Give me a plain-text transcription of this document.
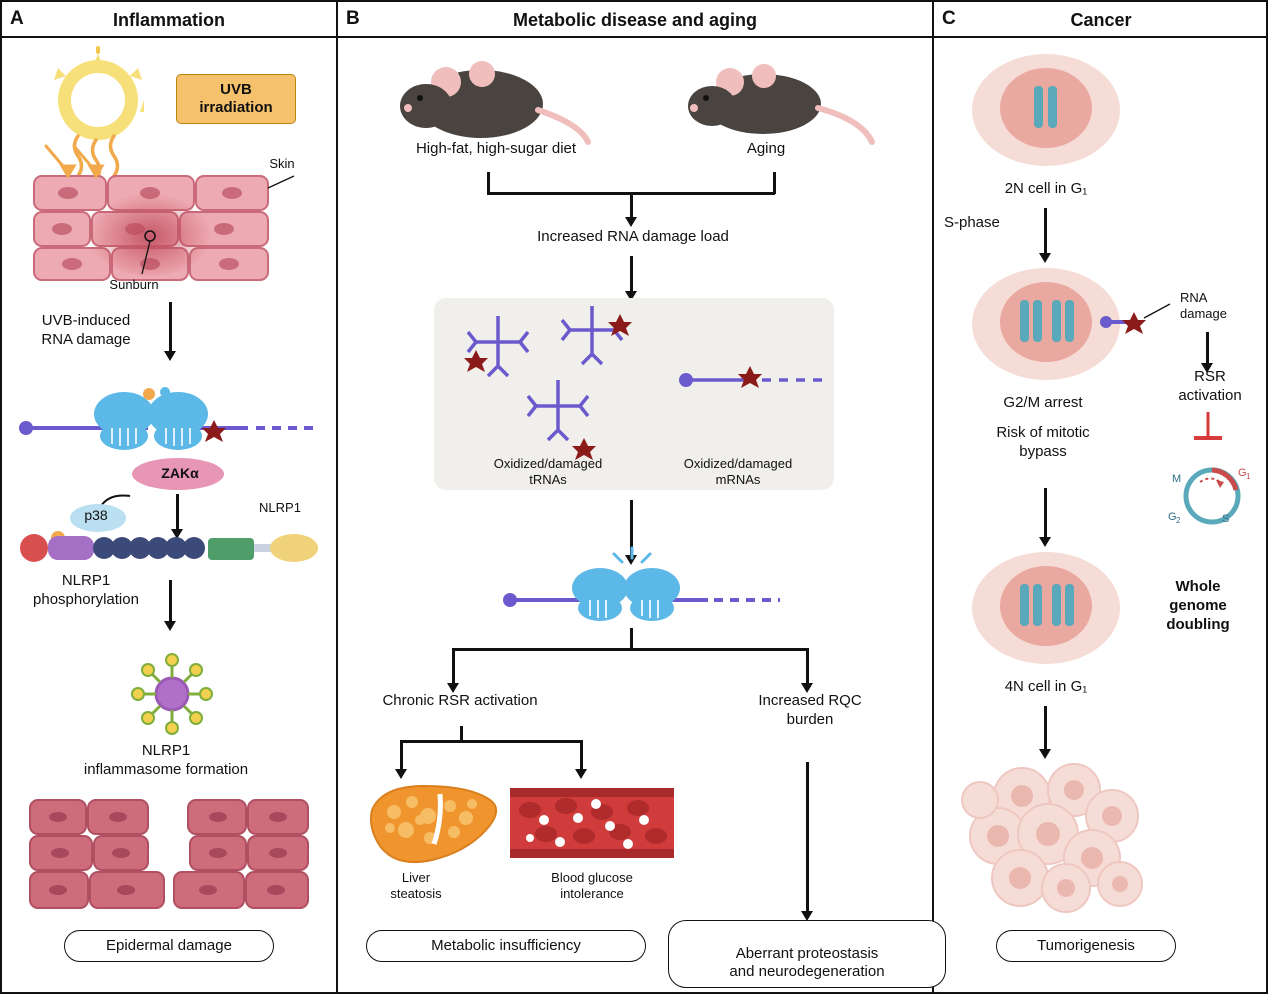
A	Inflammation
UVB
irradiation
Skin
Sunburn
UVB-induced
RNA damage
ZAKα
p38	NLRP1
NLRP1
phosphorylation
NLRP1
inflammasome formation
Epidermal damage
B	Metabolic disease and aging
High-fat, high-sugar diet	Aging
Increased RNA damage load
Oxidized/damaged
tRNAs
Oxidized/damaged
mRNAs
Chronic RSR activation	Increased RQC
burden
Liver
steatosis
Blood glucose
intolerance
Metabolic insufficiency	Aberrant proteostasis
and neurodegeneration

C	Cancer
2N cell in G₁
S-phase
RNA
damage
RSR
activation
G 1
M
G 2	S
G2/M arrest
Risk of mitotic
bypass
Whole
genome
doubling
4N cell in G₁
Tumorigenesis
